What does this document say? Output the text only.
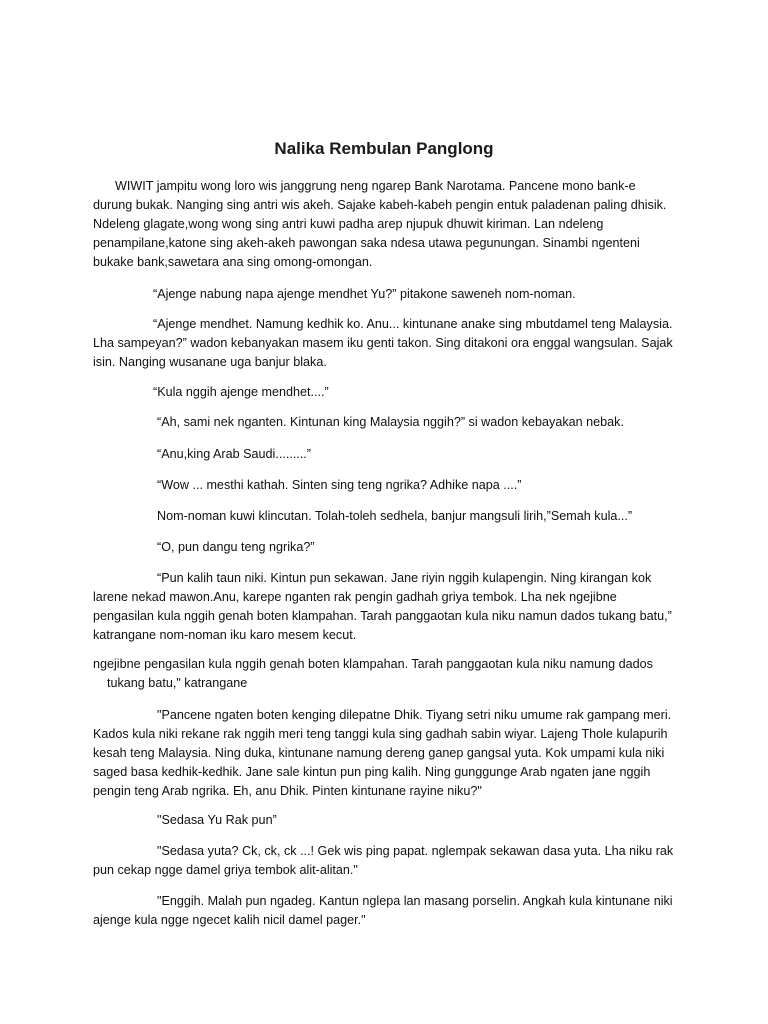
Nalika Rembulan Panglong

WIWIT jampitu wong loro wis janggrung neng ngarep Bank Narotama. Pancene mono bank-e durung bukak. Nanging sing antri wis akeh. Sajake kabeh-kabeh pengin entuk paladenan paling dhisik. Ndeleng glagate,wong wong sing antri kuwi padha arep njupuk dhuwit kiriman. Lan ndeleng penampilane,katone sing akeh-akeh pawongan saka ndesa utawa pegunungan. Sinambi ngenteni bukake bank,sawetara ana sing omong-omongan.

“Ajenge nabung napa ajenge mendhet Yu?” pitakone saweneh nom-noman.

“Ajenge mendhet. Namung kedhik ko. Anu... kintunane anake sing mbutdamel teng Malaysia. Lha sampeyan?” wadon kebanyakan masem iku genti takon. Sing ditakoni ora enggal wangsulan. Sajak isin. Nanging wusanane uga banjur blaka.

“Kula nggih ajenge mendhet....”

“Ah, sami nek nganten. Kintunan king Malaysia nggih?” si wadon kebayakan nebak.

“Anu,king Arab Saudi.........”

“Wow ... mesthi kathah. Sinten sing teng ngrika? Adhike napa ....”

Nom-noman kuwi klincutan. Tolah-toleh sedhela, banjur mangsuli lirih,”Semah kula...”

“O, pun dangu teng ngrika?”

“Pun kalih taun niki. Kintun pun sekawan. Jane riyin nggih kulapengin. Ning kirangan kok larene nekad mawon.Anu, karepe nganten rak pengin gadhah griya tembok. Lha nek ngejibne pengasilan kula nggih genah boten klampahan. Tarah panggaotan kula niku namun dados tukang batu,” katrangane nom-noman iku karo mesem kecut.

ngejibne pengasilan kula nggih genah boten klampahan. Tarah panggaotan kula niku namung dados tukang batu," katrangane

"Pancene ngaten boten kenging dilepatne Dhik. Tiyang setri niku umume rak gampang meri. Kados kula niki rekane rak nggih meri teng tanggi kula sing gadhah sabin wiyar. Lajeng Thole kulapurih kesah teng Malaysia. Ning duka, kintunane namung dereng ganep gangsal yuta. Kok umpami kula niki saged basa kedhik-kedhik. Jane sale kintun pun ping kalih. Ning gunggunge Arab ngaten jane nggih pengin teng Arab ngrika. Eh, anu Dhik. Pinten kintunane rayine niku?"

"Sedasa Yu Rak pun”

"Sedasa yuta? Ck, ck, ck ...! Gek wis ping papat. nglempak sekawan dasa yuta. Lha niku rak pun cekap ngge damel griya tembok alit-alitan."

"Enggih. Malah pun ngadeg. Kantun nglepa lan masang porselin. Angkah kula kintunane niki ajenge kula ngge ngecet kalih nicil damel pager."
